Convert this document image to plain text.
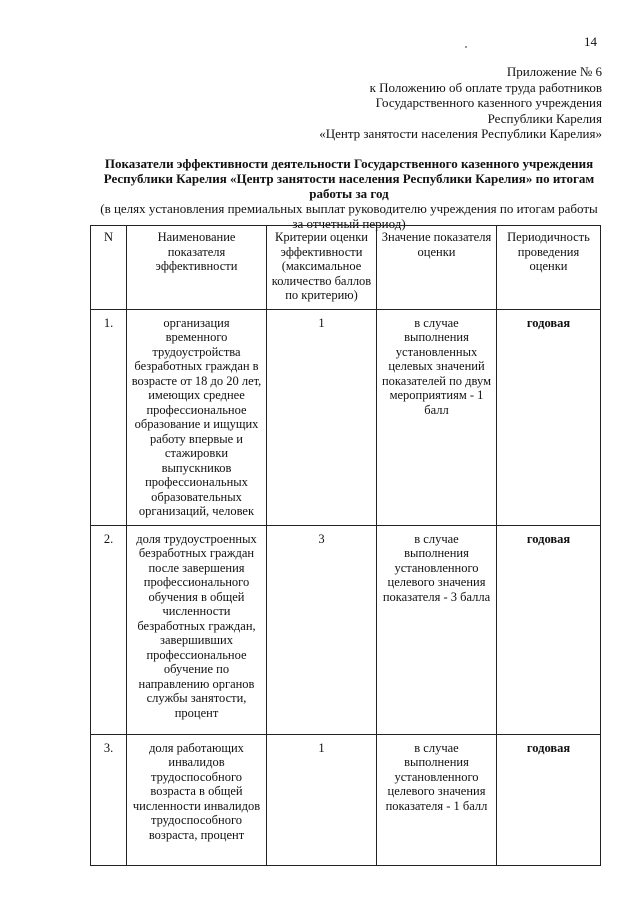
14
Приложение № 6
к Положению об оплате труда работников
Государственного казенного учреждения
Республики Карелия
«Центр занятости населения Республики Карелия»
Показатели эффективности деятельности Государственного казенного учреждения
Республики Карелия «Центр занятости населения Республики Карелия» по итогам
работы за год
(в целях установления премиальных выплат руководителю учреждения по итогам работы
за отчетный период)
N	Наименование показателя эффективности	Критерии оценки эффективности (максимальное количество баллов по критерию)	Значение показателя оценки	Периодичность проведения оценки
1.	организация временного трудоустройства безработных граждан в возрасте от 18 до 20 лет, имеющих среднее профессиональное образование и ищущих работу впервые и стажировки выпускников профессиональных образовательных организаций, человек	1	в случае выполнения установленных целевых значений показателей по двум мероприятиям - 1 балл	годовая
2.	доля трудоустроенных безработных граждан после завершения профессионального обучения в общей численности безработных граждан, завершивших профессиональное обучение по направлению органов службы занятости, процент	3	в случае выполнения установленного целевого значения показателя - 3 балла	годовая
3.	доля работающих инвалидов трудоспособного возраста в общей численности инвалидов трудоспособного возраста, процент	1	в случае выполнения установленного целевого значения показателя - 1 балл	годовая
